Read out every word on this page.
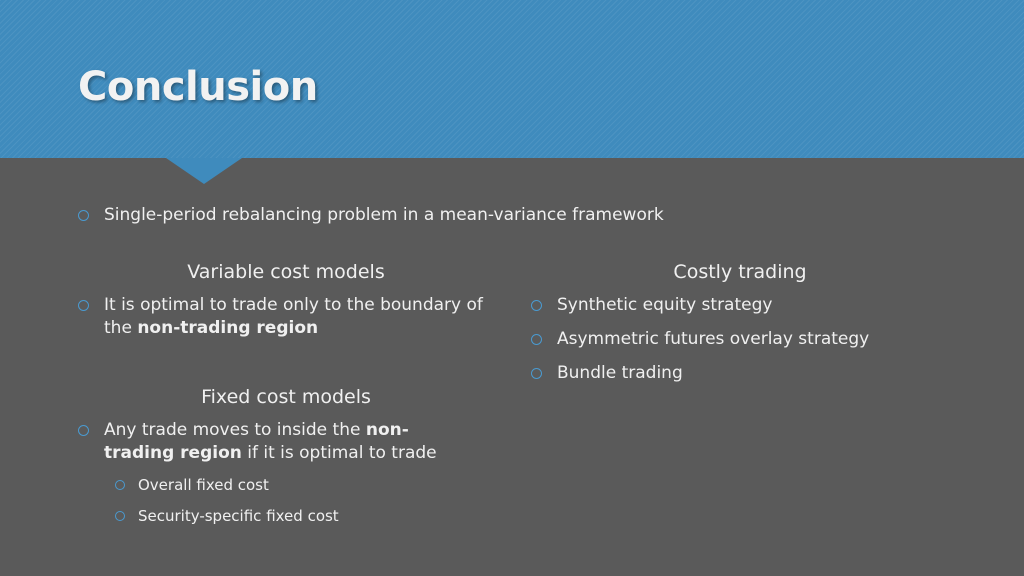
Conclusion
Single-period rebalancing problem in a mean-variance framework
Variable cost models
It is optimal to trade only to the boundary of the non-trading region
Fixed cost models
Any trade moves to inside the non-trading region if it is optimal to trade
Overall fixed cost
Security-specific fixed cost
Costly trading
Synthetic equity strategy
Asymmetric futures overlay strategy
Bundle trading
